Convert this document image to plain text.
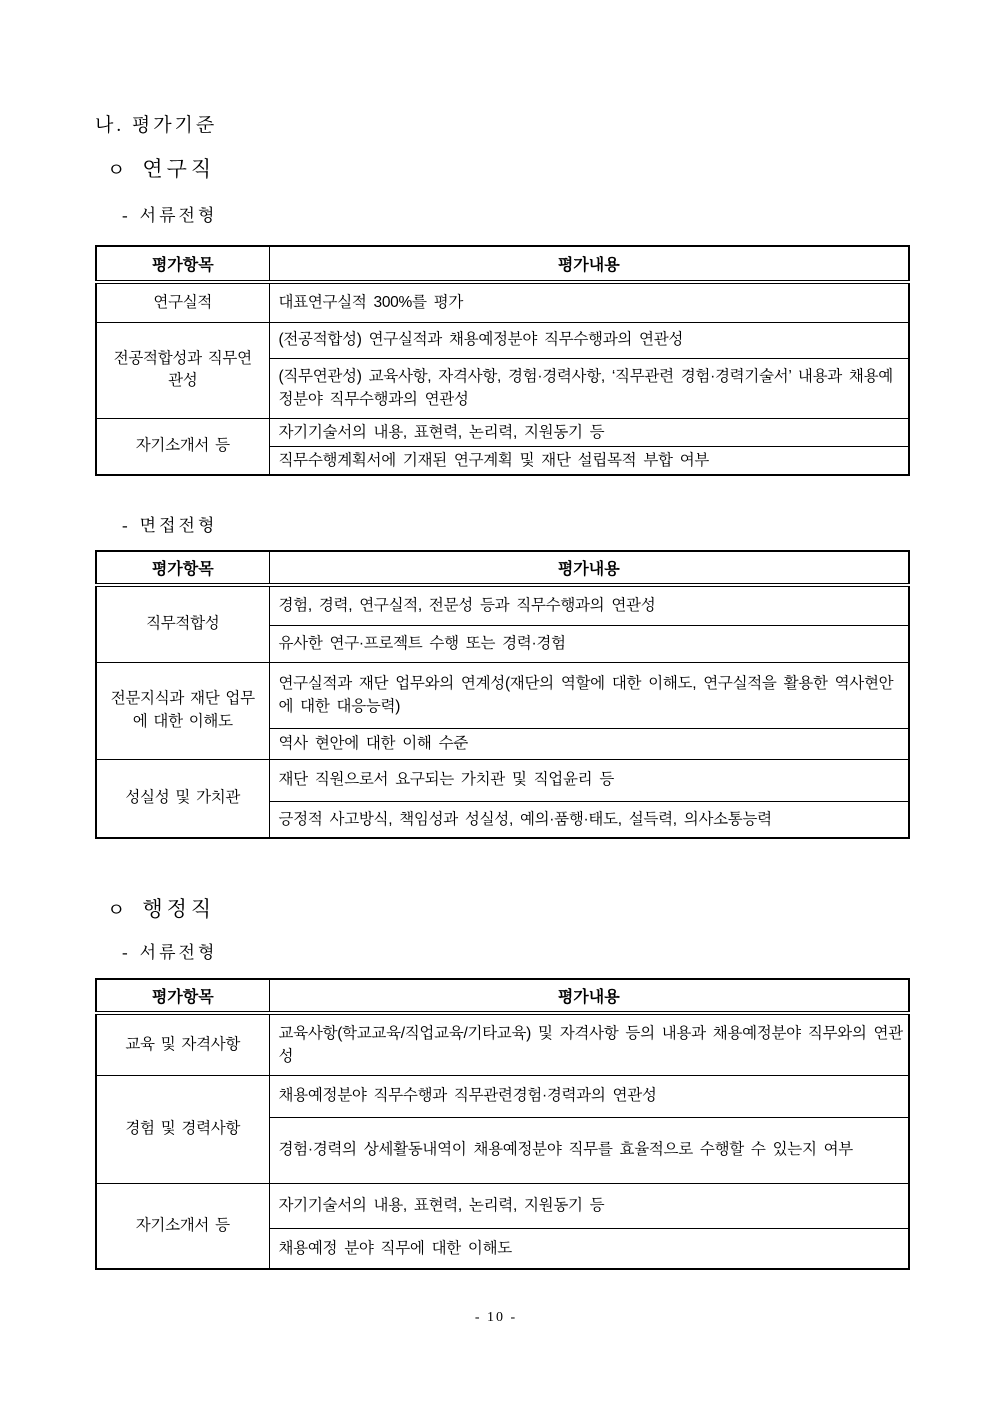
나. 평가기준
ㅇ 연구직
- 서류전형
평가항목	평가내용
연구실적	대표연구실적 300%를 평가
전공적합성과 직무연관성	(전공적합성) 연구실적과 채용예정분야 직무수행과의 연관성
	(직무연관성) 교육사항, 자격사항, 경험·경력사항, ‘직무관련 경험·경력기술서’ 내용과 채용예정분야 직무수행과의 연관성
자기소개서 등	자기기술서의 내용, 표현력, 논리력, 지원동기 등
	직무수행계획서에 기재된 연구계획 및 재단 설립목적 부합 여부
- 면접전형
평가항목	평가내용
직무적합성	경험, 경력, 연구실적, 전문성 등과 직무수행과의 연관성
	유사한 연구·프로젝트 수행 또는 경력·경험
전문지식과 재단 업무에 대한 이해도	연구실적과 재단 업무와의 연계성(재단의 역할에 대한 이해도, 연구실적을 활용한 역사현안에 대한 대응능력)
	역사 현안에 대한 이해 수준
성실성 및 가치관	재단 직원으로서 요구되는 가치관 및 직업윤리 등
	긍정적 사고방식, 책임성과 성실성, 예의·품행·태도, 설득력, 의사소통능력
ㅇ 행정직
- 서류전형
평가항목	평가내용
교육 및 자격사항	교육사항(학교교육/직업교육/기타교육) 및 자격사항 등의 내용과 채용예정분야 직무와의 연관성
경험 및 경력사항	채용예정분야 직무수행과 직무관련경험·경력과의 연관성
	경험·경력의 상세활동내역이 채용예정분야 직무를 효율적으로 수행할 수 있는지 여부
자기소개서 등	자기기술서의 내용, 표현력, 논리력, 지원동기 등
	채용예정 분야 직무에 대한 이해도
- 10 -
